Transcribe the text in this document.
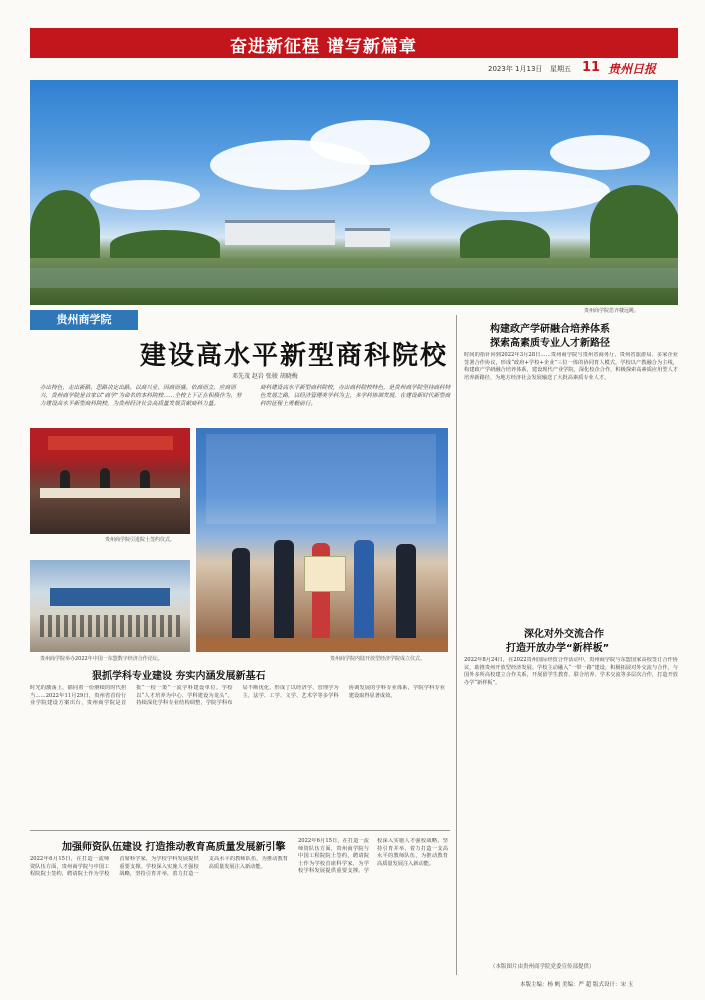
奋进新征程 谱写新篇章
2023年 1月13日 星期五 11 贵州日报
贵州商学院思齐楼远眺。
贵州商学院
建设高水平新型商科院校
邓先茂 赵岩 张骏 胡晓梅
办出特色，走出新路，思路决定出路。以商兴业，因商而盛。依商而立，应商而兴，贵州商学院是首家以“商学”为命名的本科院校……全校上下正在积极作为，努力建设高水平新型商科院校，为贵州经济社会高质量发展贡献商科力量。
商科建设高水平新型商科院校，办出商科院校特色，是贵州商学院坚持商科特色发展之路，以经济管理类学科为主，多学科协调发展，在建设新时代新型商科的征程上勇毅前行。
贵州商学院引进院士签约仪式。
贵州商学院举办2022年中国一东盟数字经济合作论坛。	贵州商学院内陆开放型经济学院成立仪式。
狠抓学科专业建设 夯实内涵发展新基石
时光的激荡上，锚同着一份赓续的时代担当……2022年11月29日，贵州省首份行业学院建设方案出台，贵州商学院是首批“一校一策”一流学科建设单位。学校以“人才培养为中心、学科建设为龙头”，持续深化学科专业结构调整，学院学科布局不断优化，形成了以经济学、管理学为主，法学、工学、文学、艺术学等多学科协调发展的学科专业体系，学院学科专业建设取得显著成效。
加强师资队伍建设 打造推动教育高质量发展新引擎
2022年6月15日，在打造一流师资队伍方面，贵州商学院与中国工程院院士签约，聘请院士作为学校首席科学家，为学校学科发展提供重要支撑。学校深入实施人才强校战略，坚持引育并举，着力打造一支高水平的教师队伍，为推动教育高质量发展注入新动能。
2022年6月15日，在打造一流师资队伍方面，贵州商学院与中国工程院院士签约，聘请院士作为学校首席科学家，为学校学科发展提供重要支撑。学校深入实施人才强校战略，坚持引育并举，着力打造一支高水平的教师队伍，为推动教育高质量发展注入新动能。
构建政产学研融合培养体系
探索高素质专业人才新路径
时间的指针回到2022年3月28日……贵州商学院与贵州省商务厅、贵州省旅游局、多家企业签署合作协议，形成“政府+学校+企业”三位一体的协同育人模式。学校以产教融合为主线，构建政产学研融合培养体系，建设现代产业学院，深化校企合作，积极探索高素质应用型人才培养新路径，为地方经济社会发展输送了大批高素质专业人才。
深化对外交流合作
打造开放办学“新样板”
2022年8月24日，在2022贵州国际经贸合作活动中，贵州商学院与东盟国家高校签订合作协议，助推贵州开放型经济发展。学校主动融入“一带一路”建设，积极拓展对外交流与合作，与国外多所高校建立合作关系，开展留学生教育、联合培养、学术交流等多层次合作，打造开放办学“新样板”。
（本版图片由贵州商学院党委宣传部提供）
本版主编：杨 帆 美编：严 超 版式设计：宋 玉
